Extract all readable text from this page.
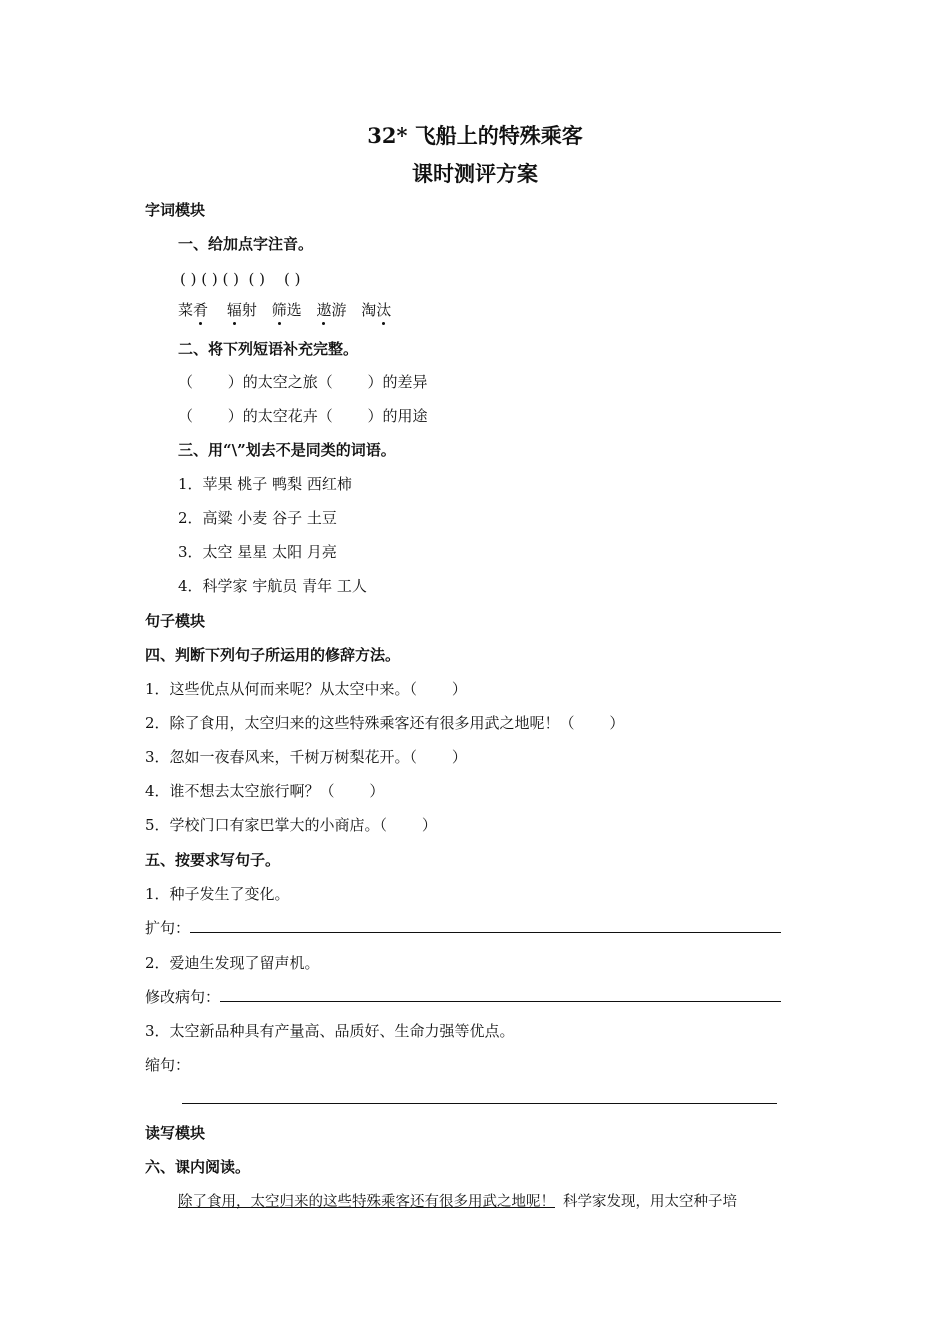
32* 飞船上的特殊乘客
课时测评方案
字词模块
一、给加点字注音。
( ) ( ) ( )  ( )    ( )
菜肴 辐射 筛选 遨游 淘汰
二、将下列短语补充完整。
（　　 ）的太空之旅（　　 ）的差异
（　　 ）的太空花卉（　　 ）的用途
三、用“\”划去不是同类的词语。
1．苹果 桃子 鸭梨 西红柿
2．高粱 小麦 谷子 土豆
3．太空 星星 太阳 月亮
4．科学家 宇航员 青年 工人
句子模块
四、判断下列句子所运用的修辞方法。
1．这些优点从何而来呢？从太空中来。（　　 ）
2．除了食用，太空归来的这些特殊乘客还有很多用武之地呢！（　　 ）
3．忽如一夜春风来，千树万树梨花开。（　　 ）
4．谁不想去太空旅行啊？（　　 ）
5．学校门口有家巴掌大的小商店。（　　 ）
五、按要求写句子。
1．种子发生了变化。
扩句：
2．爱迪生发现了留声机。
修改病句：
3．太空新品种具有产量高、品质好、生命力强等优点。
缩句：
读写模块
六、课内阅读。
除了食用，太空归来的这些特殊乘客还有很多用武之地呢！ 科学家发现，用太空种子培
